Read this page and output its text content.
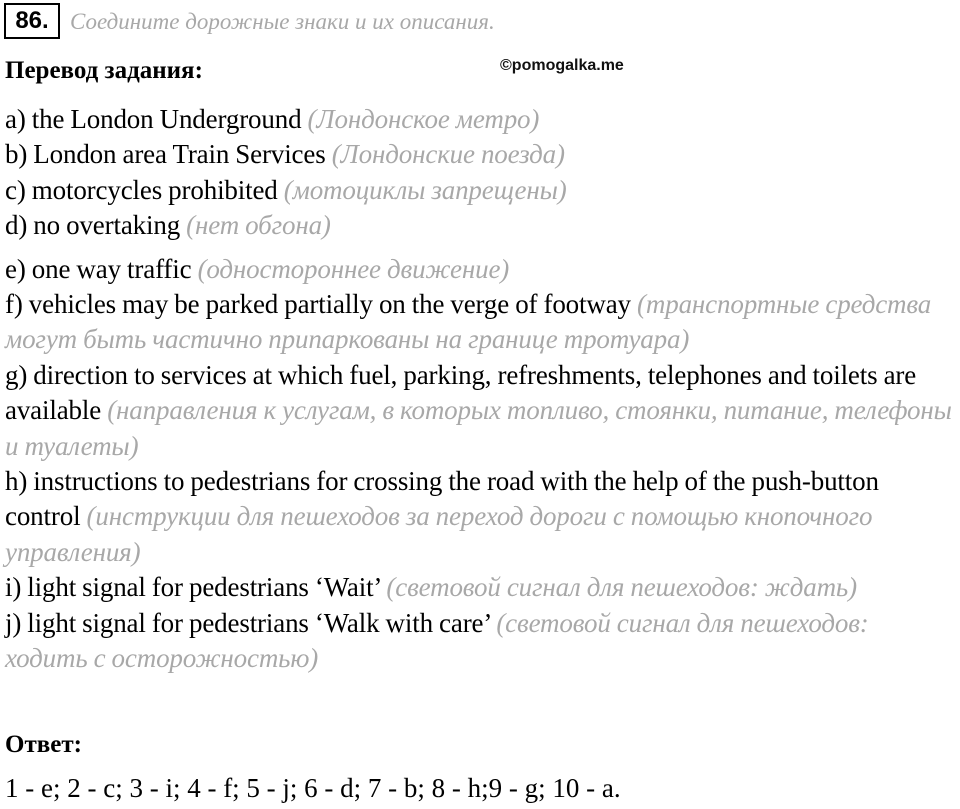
86. Соедините дорожные знаки и их описания.
©pomogalka.me
Перевод задания:
a) the London Underground (Лондонское метро)
b) London area Train Services (Лондонские поезда)
c) motorcycles prohibited (мотоциклы запрещены)
d) no overtaking (нет обгона)
e) one way traffic (одностороннее движение)
f) vehicles may be parked partially on the verge of footway (транспортные средства могут быть частично припаркованы на границе тротуара)
g) direction to services at which fuel, parking, refreshments, telephones and toilets are available (направления к услугам, в которых топливо, стоянки, питание, телефоны и туалеты)
h) instructions to pedestrians for crossing the road with the help of the push-button control (инструкции для пешеходов за переход дороги с помощью кнопочного управления)
i) light signal for pedestrians ‘Wait’ (световой сигнал для пешеходов: ждать)
j) light signal for pedestrians ‘Walk with care’ (световой сигнал для пешеходов: ходить с осторожностью)
Ответ:
1 - e; 2 - c; 3 - i; 4 - f; 5 - j; 6 - d; 7 - b; 8 - h;9 - g; 10 - a.
